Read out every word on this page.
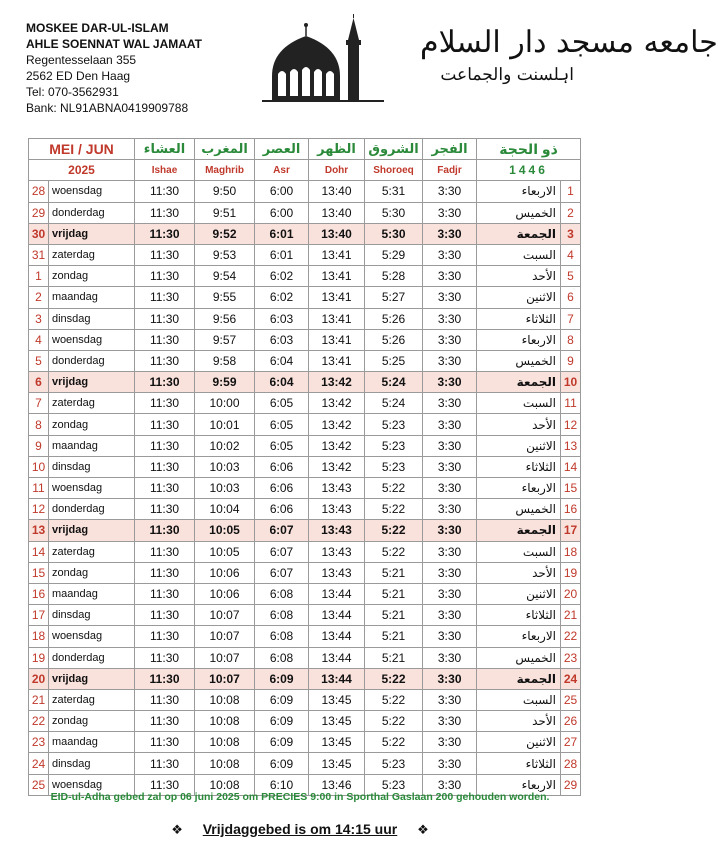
MOSKEE DAR-UL-ISLAM
AHLE SOENNAT WAL JAMAAT
Regentesselaan 355
2562 ED Den Haag
Tel: 070-3562931
Bank: NL91ABNA0419909788
جامعه مسجد دار السلام
اہلسنت والجماعت
MEI / JUN		العشاء	المغرب	العصر	الظهر	الشروق	الفجر	ذو الحجة	
2025		Ishae	Maghrib	Asr	Dohr	Shoroeq	Fadjr	1446	
28	woensdag	11:30	9:50	6:00	13:40	5:31	3:30	الاربعاء	1
29	donderdag	11:30	9:51	6:00	13:40	5:30	3:30	الخميس	2
30	vrijdag	11:30	9:52	6:01	13:40	5:30	3:30	الجمعة	3
31	zaterdag	11:30	9:53	6:01	13:41	5:29	3:30	السبت	4
1	zondag	11:30	9:54	6:02	13:41	5:28	3:30	الأحد	5
2	maandag	11:30	9:55	6:02	13:41	5:27	3:30	الاثنين	6
3	dinsdag	11:30	9:56	6:03	13:41	5:26	3:30	الثلاثاء	7
4	woensdag	11:30	9:57	6:03	13:41	5:26	3:30	الاربعاء	8
5	donderdag	11:30	9:58	6:04	13:41	5:25	3:30	الخميس	9
6	vrijdag	11:30	9:59	6:04	13:42	5:24	3:30	الجمعة	10
7	zaterdag	11:30	10:00	6:05	13:42	5:24	3:30	السبت	11
8	zondag	11:30	10:01	6:05	13:42	5:23	3:30	الأحد	12
9	maandag	11:30	10:02	6:05	13:42	5:23	3:30	الاثنين	13
10	dinsdag	11:30	10:03	6:06	13:42	5:23	3:30	الثلاثاء	14
11	woensdag	11:30	10:03	6:06	13:43	5:22	3:30	الاربعاء	15
12	donderdag	11:30	10:04	6:06	13:43	5:22	3:30	الخميس	16
13	vrijdag	11:30	10:05	6:07	13:43	5:22	3:30	الجمعة	17
14	zaterdag	11:30	10:05	6:07	13:43	5:22	3:30	السبت	18
15	zondag	11:30	10:06	6:07	13:43	5:21	3:30	الأحد	19
16	maandag	11:30	10:06	6:08	13:44	5:21	3:30	الاثنين	20
17	dinsdag	11:30	10:07	6:08	13:44	5:21	3:30	الثلاثاء	21
18	woensdag	11:30	10:07	6:08	13:44	5:21	3:30	الاربعاء	22
19	donderdag	11:30	10:07	6:08	13:44	5:21	3:30	الخميس	23
20	vrijdag	11:30	10:07	6:09	13:44	5:22	3:30	الجمعة	24
21	zaterdag	11:30	10:08	6:09	13:45	5:22	3:30	السبت	25
22	zondag	11:30	10:08	6:09	13:45	5:22	3:30	الأحد	26
23	maandag	11:30	10:08	6:09	13:45	5:22	3:30	الاثنين	27
24	dinsdag	11:30	10:08	6:09	13:45	5:23	3:30	الثلاثاء	28
25	woensdag	11:30	10:08	6:10	13:46	5:23	3:30	الاربعاء	29
EID-ul-Adha gebed zal op 06 juni 2025 om PRECIES 9:00 in Sporthal Gaslaan 200 gehouden worden.
❖ Vrijdaggebed is om 14:15 uur ❖
